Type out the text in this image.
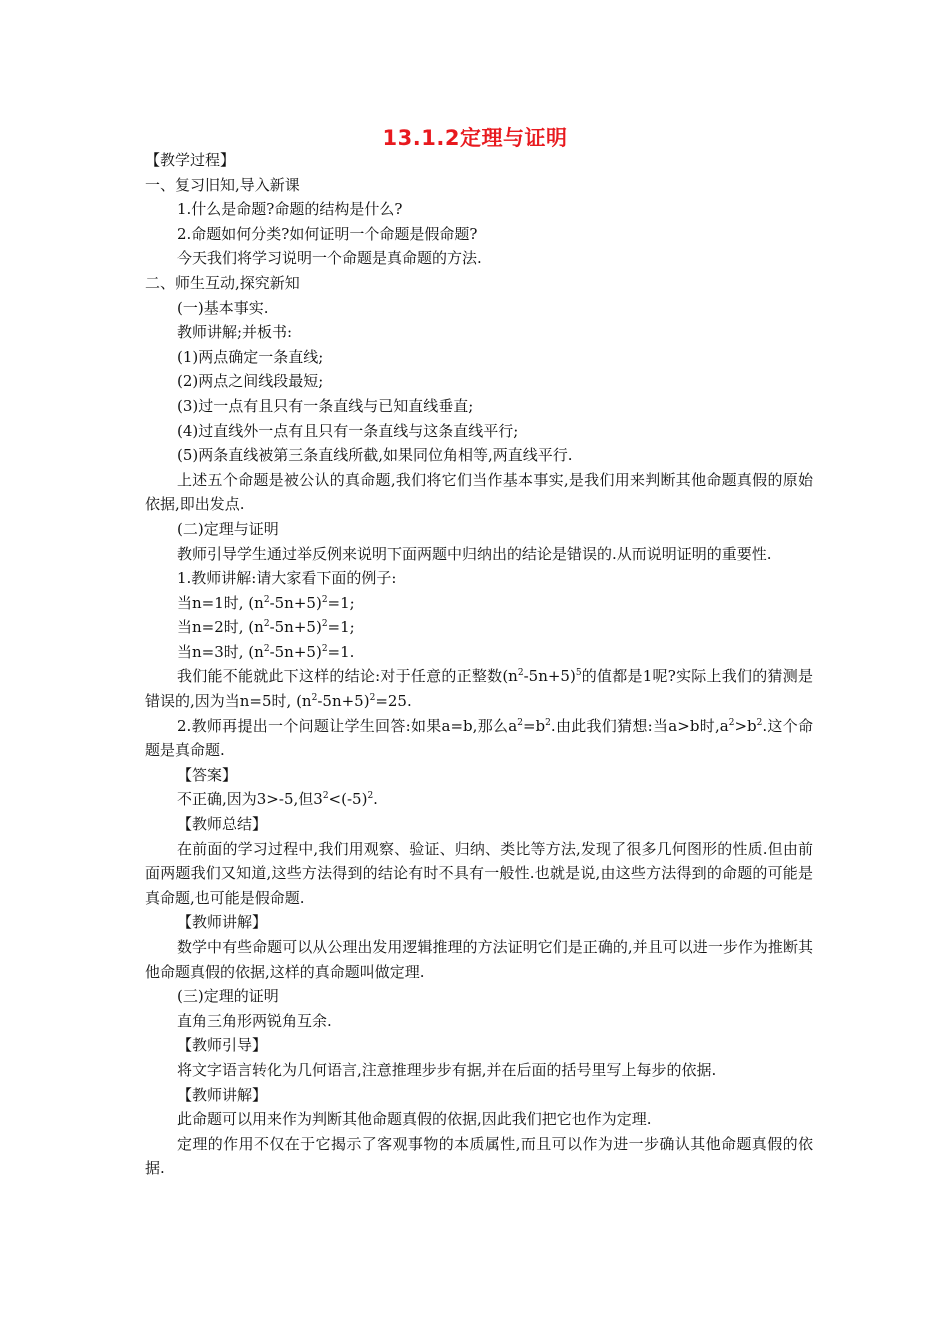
13.1.2定理与证明

【教学过程】

一、复习旧知,导入新课

1.什么是命题?命题的结构是什么?

2.命题如何分类?如何证明一个命题是假命题?

今天我们将学习说明一个命题是真命题的方法.

二、师生互动,探究新知

(一)基本事实.

教师讲解;并板书:

(1)两点确定一条直线;

(2)两点之间线段最短;

(3)过一点有且只有一条直线与已知直线垂直;

(4)过直线外一点有且只有一条直线与这条直线平行;

(5)两条直线被第三条直线所截,如果同位角相等,两直线平行.

上述五个命题是被公认的真命题,我们将它们当作基本事实,是我们用来判断其他命题真假的原始依据,即出发点.

(二)定理与证明

教师引导学生通过举反例来说明下面两题中归纳出的结论是错误的.从而说明证明的重要性.

1.教师讲解:请大家看下面的例子:

当n=1时, $(n^2-5n+5)^2=1$;

当n=2时, $(n^2-5n+5)^2=1$;

当n=3时, $(n^2-5n+5)^2=1$.

我们能不能就此下这样的结论:对于任意的正整数$(n^2-5n+5)^5$的值都是1呢?实际上我们的猜测是错误的,因为当n=5时, $(n^2-5n+5)^2=25$.

2.教师再提出一个问题让学生回答:如果a=b,那么$a^2=b^2$.由此我们猜想:当a>b时$,a^2>b^2$.这个命题是真命题.

【答案】

不正确,因为3>-5,但$3^2<(-5)^2$.

【教师总结】

在前面的学习过程中,我们用观察、验证、归纳、类比等方法,发现了很多几何图形的性质.但由前面两题我们又知道,这些方法得到的结论有时不具有一般性.也就是说,由这些方法得到的命题的可能是真命题,也可能是假命题.

【教师讲解】

数学中有些命题可以从公理出发用逻辑推理的方法证明它们是正确的,并且可以进一步作为推断其他命题真假的依据,这样的真命题叫做定理.

(三)定理的证明

直角三角形两锐角互余.

【教师引导】

将文字语言转化为几何语言,注意推理步步有据,并在后面的括号里写上每步的依据.

【教师讲解】

此命题可以用来作为判断其他命题真假的依据,因此我们把它也作为定理.

定理的作用不仅在于它揭示了客观事物的本质属性,而且可以作为进一步确认其他命题真假的依据.
